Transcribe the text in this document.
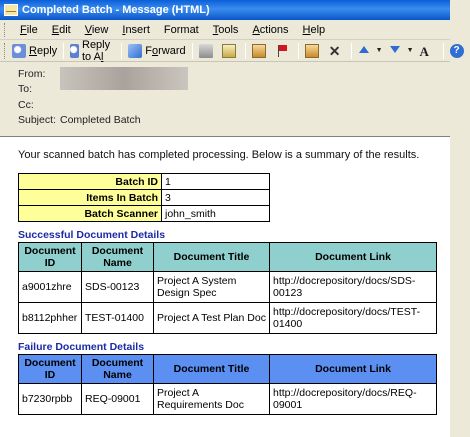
Completed Batch - Message (HTML)
File	Edit	View	Insert	Format	Tools	Actions	Help
Reply Reply to Al	Forward	✕	▼	▼ A	?
From:
To:
Cc:
Subject: Completed Batch
Your scanned batch has completed processing. Below is a summary of the results.
Batch ID	1
Items In Batch	3
Batch Scanner	john_smith
Successful Document Details
Document ID	Document Name	Document Title	Document Link
a9001zhre	SDS-00123	Project A System Design Spec	http://docrepository/docs/SDS-00123
b8112phher	TEST-01400	Project A Test Plan Doc	http://docrepository/docs/TEST-01400
Failure Document Details
Document ID	Document Name	Document Title	Document Link
b7230rpbb	REQ-09001	Project A Requirements Doc	http://docrepository/docs/REQ-09001
